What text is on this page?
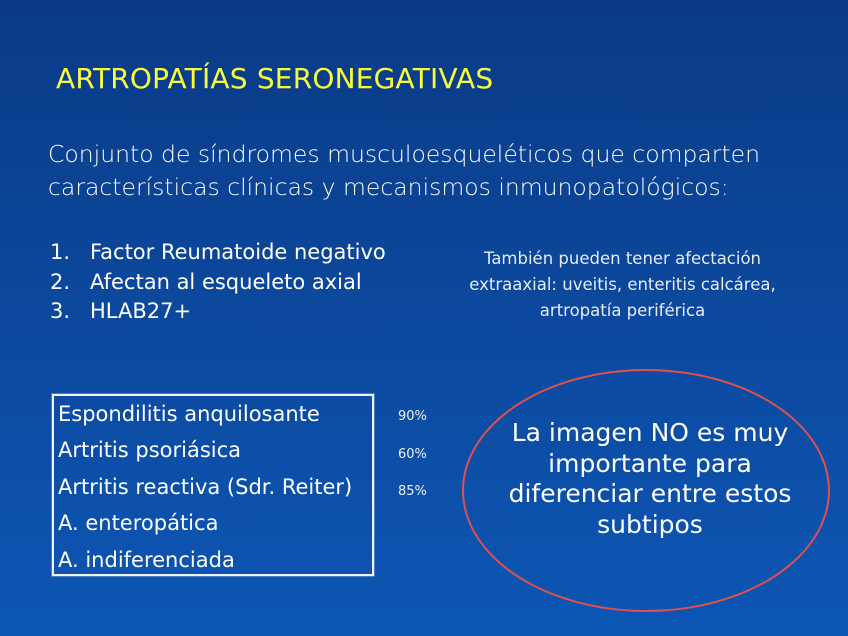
ARTROPATÍAS SERONEGATIVAS
Conjunto de síndromes musculoesqueléticos que comparten
características clínicas y mecanismos inmunopatológicos:
1. Factor Reumatoide negativo
2. Afectan al esqueleto axial
3. HLAB27+
También pueden tener afectación
extraaxial: uveitis, enteritis calcárea,
artropatía periférica
Espondilitis anquilosante
Artritis psoriásica
Artritis reactiva (Sdr. Reiter)
A. enteropática
A. indiferenciada
90%
60%
85%
La imagen NO es muy
importante para
diferenciar entre estos
subtipos
